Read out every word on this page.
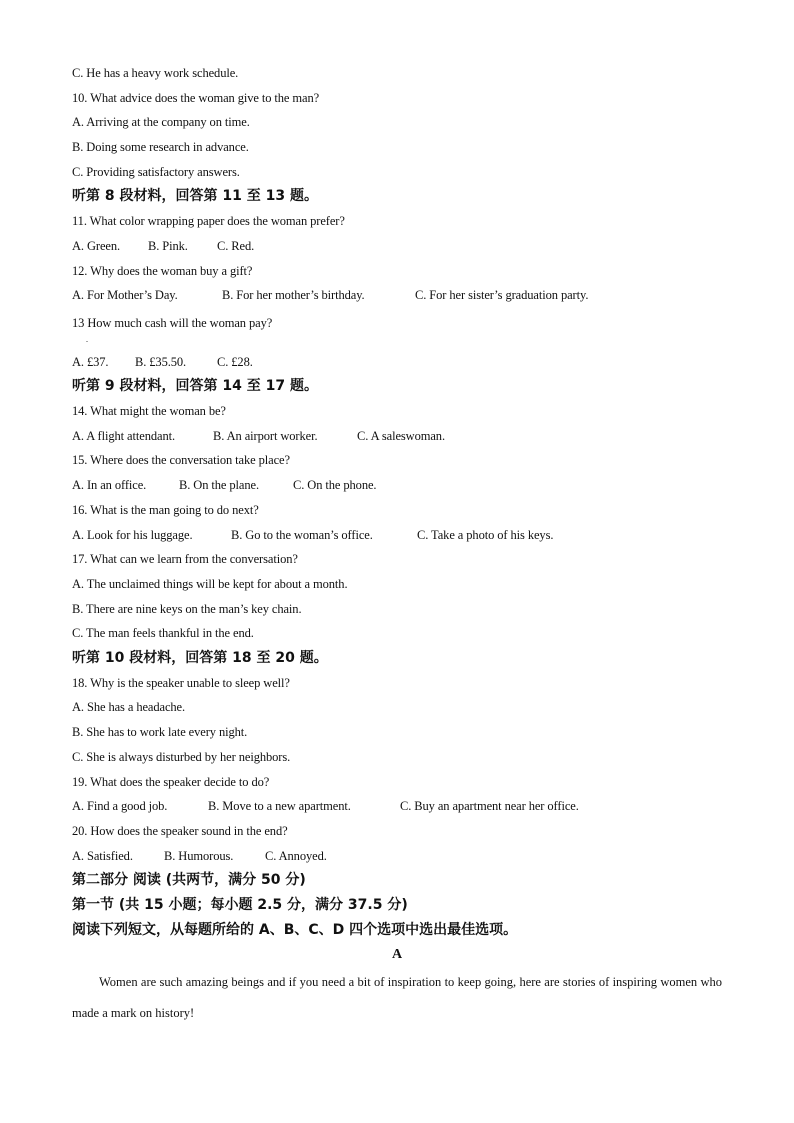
C. He has a heavy work schedule.
10. What advice does the woman give to the man?
A. Arriving at the company on time.
B. Doing some research in advance.
C. Providing satisfactory answers.
听第 8 段材料，回答第 11 至 13 题。
11. What color wrapping paper does the woman prefer?
A. Green. B. Pink. C. Red.
12. Why does the woman buy a gift?
A. For Mother’s Day.	B. For her mother’s birthday.	C. For her sister’s graduation party.
13 How much cash will the woman pay?
.
A. £37. B. £35.50. C. £28.
听第 9 段材料，回答第 14 至 17 题。
14. What might the woman be?
A. A flight attendant.	B. An airport worker.	C. A saleswoman.
15. Where does the conversation take place?
A. In an office.	B. On the plane.	C. On the phone.
16. What is the man going to do next?
A. Look for his luggage.	B. Go to the woman’s office.	C. Take a photo of his keys.
17. What can we learn from the conversation?
A. The unclaimed things will be kept for about a month.
B. There are nine keys on the man’s key chain.
C. The man feels thankful in the end.
听第 10 段材料，回答第 18 至 20 题。
18. Why is the speaker unable to sleep well?
A. She has a headache.
B. She has to work late every night.
C. She is always disturbed by her neighbors.
19. What does the speaker decide to do?
A. Find a good job.	B. Move to a new apartment.	C. Buy an apartment near her office.
20. How does the speaker sound in the end?
A. Satisfied. B. Humorous.	C. Annoyed.
第二部分 阅读 (共两节，满分 50 分)
第一节 (共 15 小题；每小题 2.5 分，满分 37.5 分)
阅读下列短文，从每题所给的 A、B、C、D 四个选项中选出最佳选项。
A
Women are such amazing beings and if you need a bit of inspiration to keep going, here are stories of inspiring women who made a mark on history!
